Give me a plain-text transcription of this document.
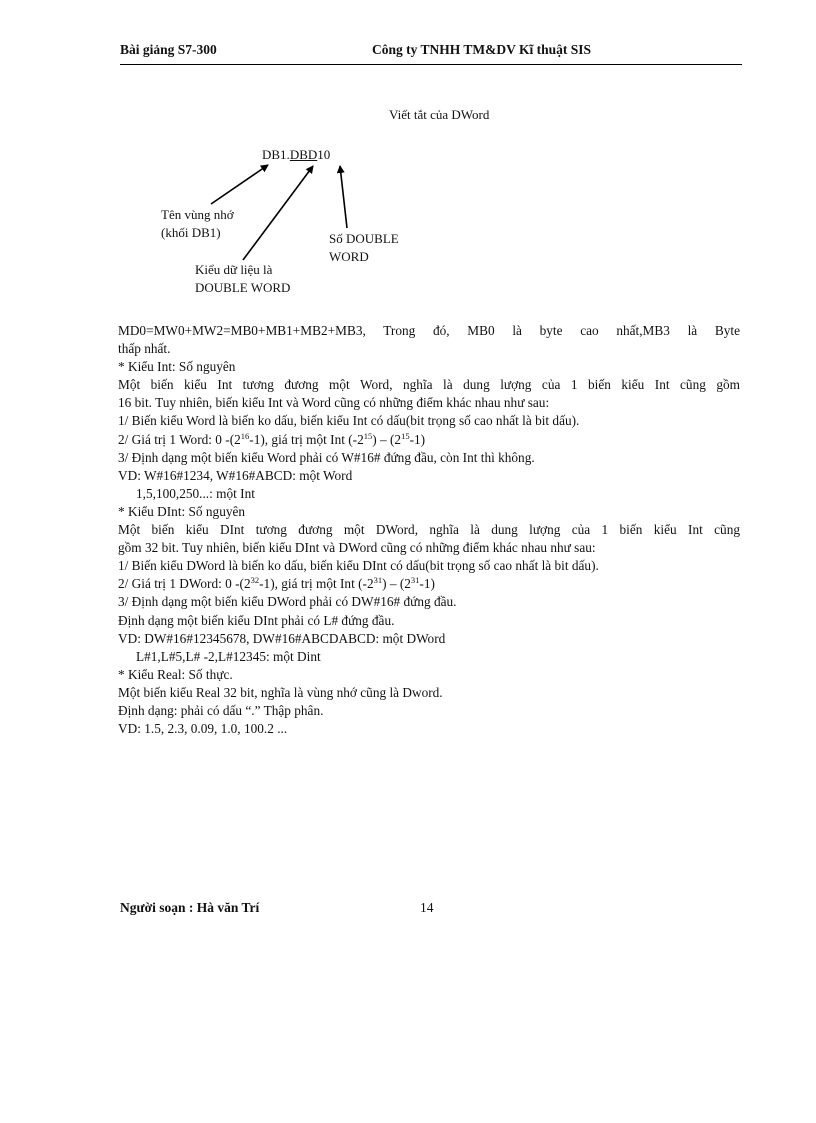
Bài giảng S7-300	Công ty TNHH TM&DV Kĩ thuật SIS
Viết tắt của DWord
DB1.DBD10
Tên vùng nhớ
(khối DB1)	Số DOUBLE
WORD
Kiểu dữ liệu là
DOUBLE WORD
MD0=MW0+MW2=MB0+MB1+MB2+MB3, Trong đó, MB0 là byte cao nhất,MB3 là Byte
thấp nhất.
* Kiểu Int: Số nguyên
Một biến kiểu Int tương đương một Word, nghĩa là dung lượng của 1 biến kiểu Int cũng gồm
16 bit. Tuy nhiên, biến kiểu Int và Word cũng có những điểm khác nhau như sau:
1/ Biến kiểu Word là biến ko dấu, biến kiểu Int có dấu(bit trọng số cao nhất là bit dấu).
2/ Giá trị 1 Word: 0 $-(2^{16}-1)$, giá trị một Int $(-2^{15}) - (2^{15}-1)$
3/ Định dạng một biến kiểu Word phải có W#16# đứng đầu, còn Int thì không.
VD: W#16#1234, W#16#ABCD: một Word
1,5,100,250...: một Int
* Kiểu DInt: Số nguyên
Một biến kiểu DInt tương đương một DWord, nghĩa là dung lượng của 1 biến kiểu Int cũng
gồm 32 bit. Tuy nhiên, biến kiểu DInt và DWord cũng có những điểm khác nhau như sau:
1/ Biến kiểu DWord là biến ko dấu, biến kiểu DInt có dấu(bit trọng số cao nhất là bit dấu).
2/ Giá trị 1 DWord: 0 $-(2^{32}-1)$, giá trị một Int $(-2^{31}) - (2^{31}-1)$
3/ Định dạng một biến kiểu DWord phải có DW#16# đứng đầu.
Định dạng một biến kiểu DInt phải có L# đứng đầu.
VD: DW#16#12345678, DW#16#ABCDABCD: một DWord
L#1,L#5,L# -2,L#12345: một Dint
* Kiểu Real: Số thực.
Một biến kiểu Real 32 bit, nghĩa là vùng nhớ cũng là Dword.
Định dạng: phải có dấu “.” Thập phân.
VD: 1.5, 2.3, 0.09, 1.0, 100.2 ...
Người soạn : Hà văn Trí	14
